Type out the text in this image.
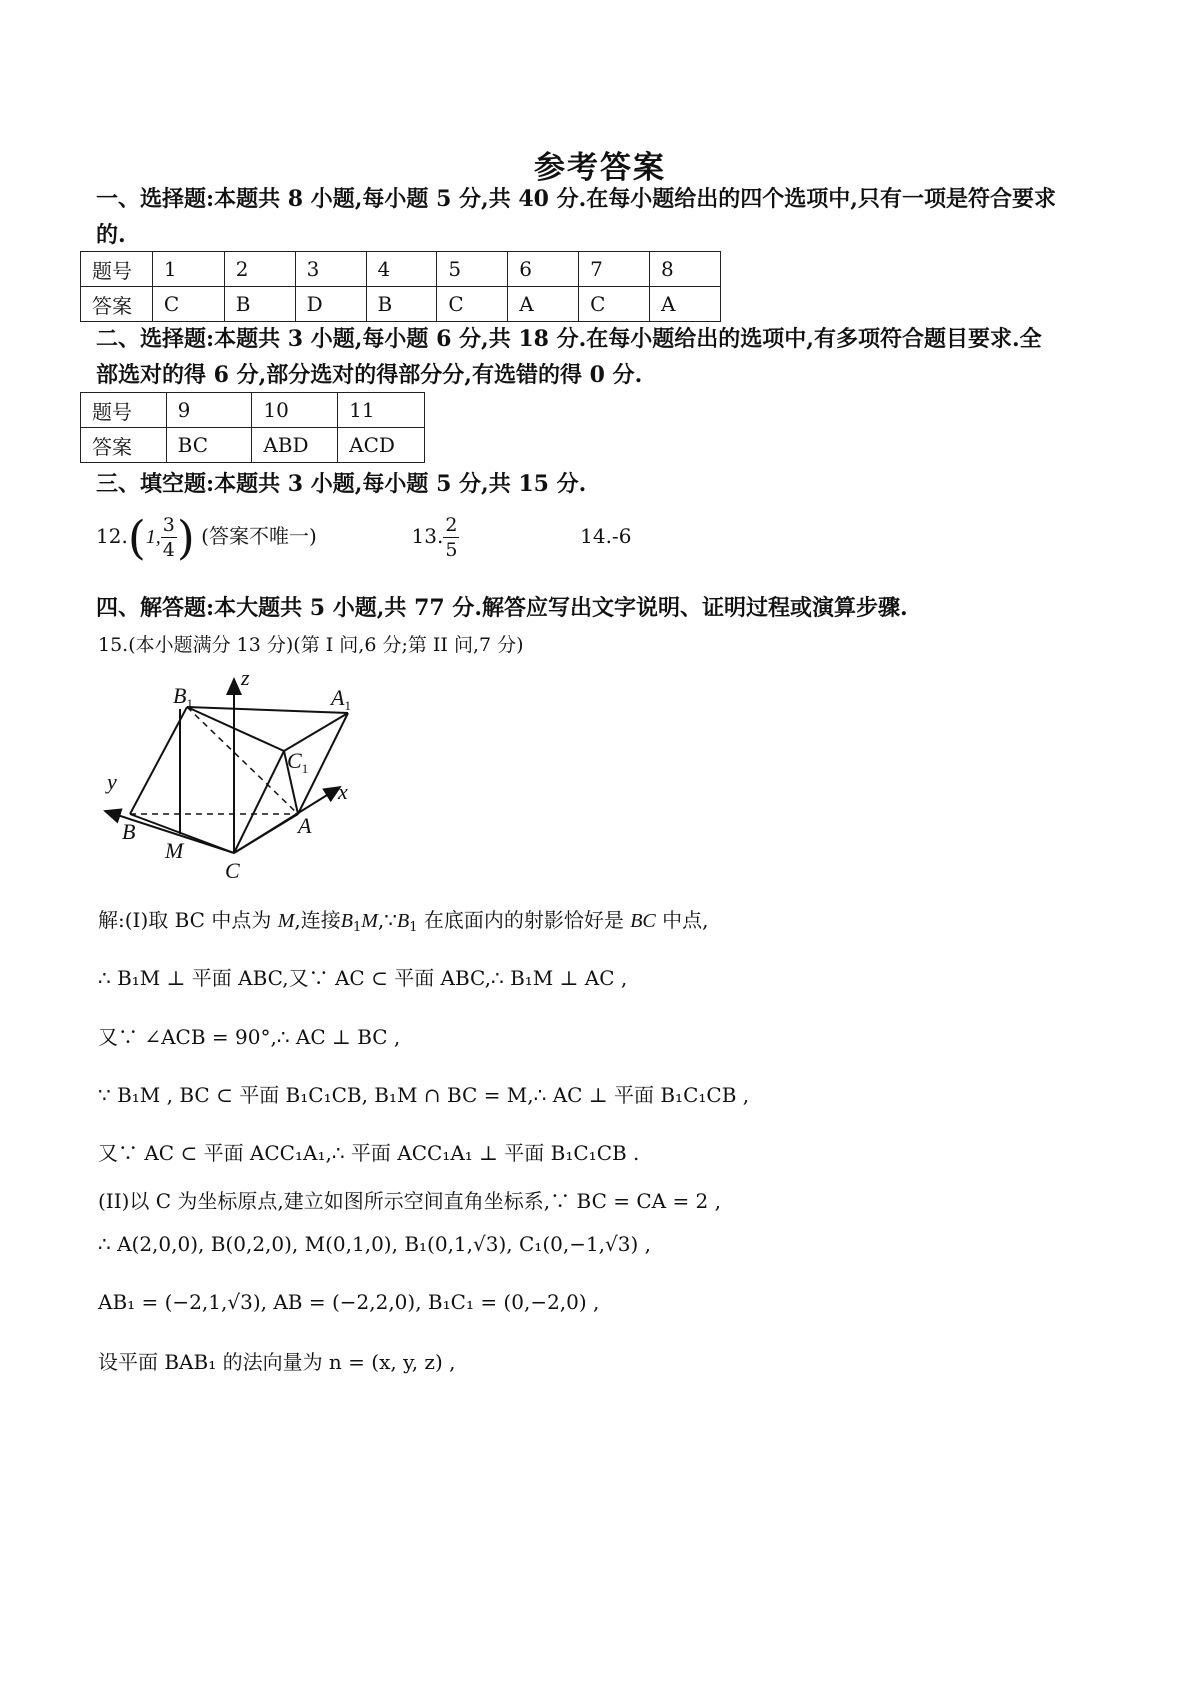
参考答案
一、选择题:本题共 8 小题,每小题 5 分,共 40 分.在每小题给出的四个选项中,只有一项是符合要求
的.
题号	1	2	3	4	5	6	7	8
答案	C	B	D	B	C	A	C	A
二、选择题:本题共 3 小题,每小题 6 分,共 18 分.在每小题给出的选项中,有多项符合题目要求.全
部选对的得 6 分,部分选对的得部分分,有选错的得 0 分.
题号	9	10	11
答案	BC	ABD	ACD
三、填空题:本题共 3 小题,每小题 5 分,共 15 分.
12.(1, $\frac{3}{4}$ ) (答案不唯一)	13. $\frac{2}{5}$	14.-6
四、解答题:本大题共 5 小题,共 77 分.解答应写出文字说明、证明过程或演算步骤.
15.(本小题满分 13 分)(第 I 问,6 分;第 II 问,7 分)
$B_1$	$A_1$
$C_1$
B	A
C
M
x
y
z
解:(I)取 BC 中点为 M,连接$B_1M,\because B_1$ 在底面内的射影恰好是 BC 中点,
∴ B₁M ⊥ 平面 ABC,又∵ AC ⊂ 平面 ABC,∴ B₁M ⊥ AC ,
又∵ ∠ACB = 90°,∴ AC ⊥ BC ,
∵ B₁M , BC ⊂ 平面 B₁C₁CB, B₁M ∩ BC = M,∴ AC ⊥ 平面 B₁C₁CB ,
又∵ AC ⊂ 平面 ACC₁A₁,∴ 平面 ACC₁A₁ ⊥ 平面 B₁C₁CB .
(II)以 C 为坐标原点,建立如图所示空间直角坐标系,∵ BC = CA = 2 ,
∴ A(2,0,0), B(0,2,0), M(0,1,0), B₁(0,1,√3), C₁(0,−1,√3) ,
AB₁ = (−2,1,√3), AB = (−2,2,0), B₁C₁ = (0,−2,0) ,
设平面 BAB₁ 的法向量为 n = (x, y, z) ,
